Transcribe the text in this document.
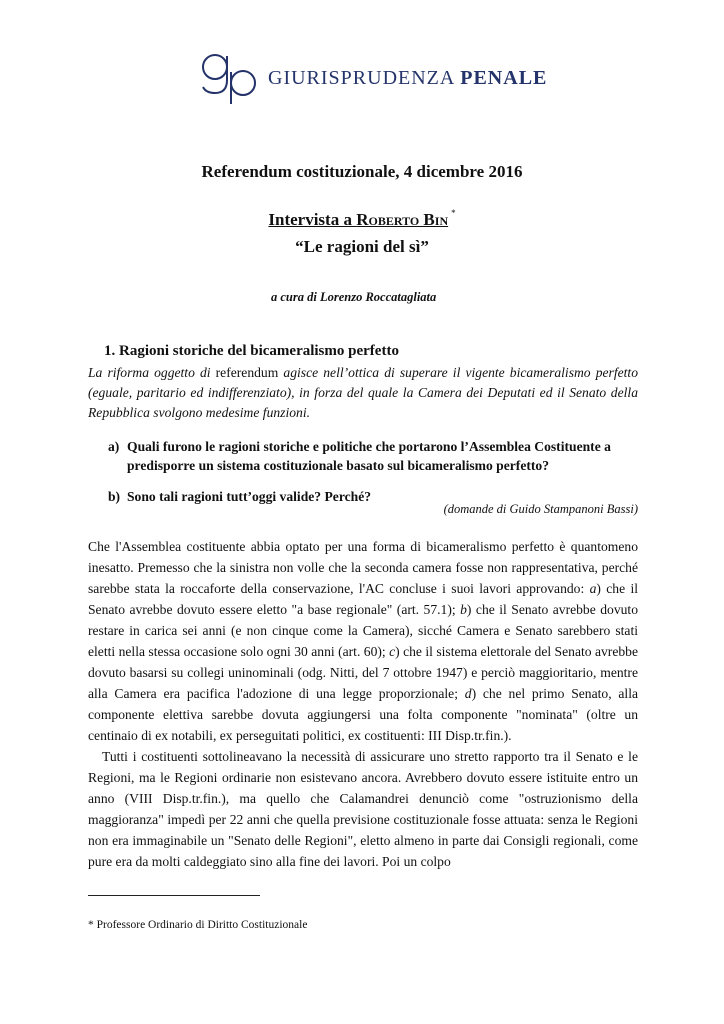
GIURISPRUDENZA PENALE
Referendum costituzionale, 4 dicembre 2016
Intervista a Roberto Bin *
“Le ragioni del sì”
a cura di Lorenzo Roccatagliata
1. Ragioni storiche del bicameralismo perfetto
La riforma oggetto di referendum agisce nell’ottica di superare il vigente bicameralismo perfetto (eguale, paritario ed indifferenziato), in forza del quale la Camera dei Deputati ed il Senato della Repubblica svolgono medesime funzioni.
a) Quali furono le ragioni storiche e politiche che portarono l’Assemblea Costituente a predisporre un sistema costituzionale basato sul bicameralismo perfetto?
b) Sono tali ragioni tutt’oggi valide? Perché?
(domande di Guido Stampanoni Bassi)

Che l'Assemblea costituente abbia optato per una forma di bicameralismo perfetto è quantomeno inesatto. Premesso che la sinistra non volle che la seconda camera fosse non rappresentativa, perché sarebbe stata la roccaforte della conservazione, l'AC concluse i suoi lavori approvando: a) che il Senato avrebbe dovuto essere eletto "a base regionale" (art. 57.1); b) che il Senato avrebbe dovuto restare in carica sei anni (e non cinque come la Camera), sicché Camera e Senato sarebbero stati eletti nella stessa occasione solo ogni 30 anni (art. 60); c) che il sistema elettorale del Senato avrebbe dovuto basarsi su collegi uninominali (odg. Nitti, del 7 ottobre 1947) e perciò maggioritario, mentre alla Camera era pacifica l'adozione di una legge proporzionale; d) che nel primo Senato, alla componente elettiva sarebbe dovuta aggiungersi una folta componente "nominata" (oltre un centinaio di ex notabili, ex perseguitati politici, ex costituenti: III Disp.tr.fin.).

Tutti i costituenti sottolineavano la necessità di assicurare uno stretto rapporto tra il Senato e le Regioni, ma le Regioni ordinarie non esistevano ancora. Avrebbero dovuto essere istituite entro un anno (VIII Disp.tr.fin.), ma quello che Calamandrei denunciò come "ostruzionismo della maggioranza" impedì per 22 anni che quella previsione costituzionale fosse attuata: senza le Regioni non era immaginabile un "Senato delle Regioni", eletto almeno in parte dai Consigli regionali, come pure era da molti caldeggiato sino alla fine dei lavori. Poi un colpo

* Professore Ordinario di Diritto Costituzionale
